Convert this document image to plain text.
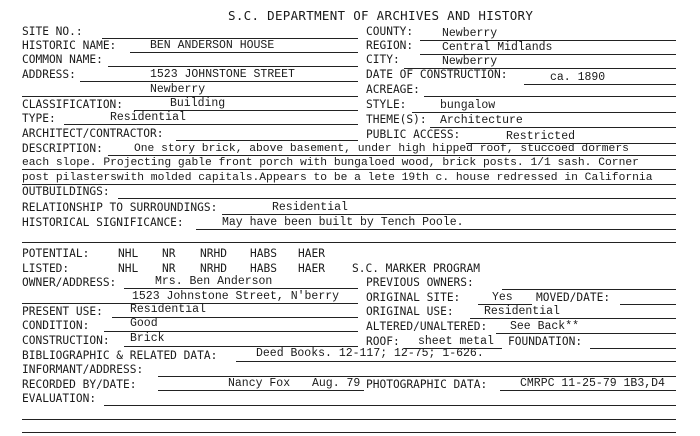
S.C. DEPARTMENT OF ARCHIVES AND HISTORY
SITE NO.:
HISTORIC NAME:	BEN ANDERSON HOUSE
COMMON NAME:
ADDRESS:	1523 JOHNSTONE STREET
Newberry
CLASSIFICATION:	Building
TYPE:	Residential
ARCHITECT/CONTRACTOR:
COUNTY:	Newberry
REGION:	Central Midlands
CITY:	Newberry
DATE OF CONSTRUCTION:	ca. 1890
ACREAGE:
STYLE:	bungalow
THEME(S): Architecture
PUBLIC ACCESS:	Restricted
DESCRIPTION:	One story brick, above basement, under high hipped roof, stuccoed dormers
each slope. Projecting gable front porch with bungaloed wood, brick posts. 1/1 sash. Corner
post pilasterswith molded capitals.Appears to be a lete 19th c. house redressed in California
OUTBUILDINGS:
RELATIONSHIP TO SURROUNDINGS:	Residential
HISTORICAL SIGNIFICANCE:	May have been built by Tench Poole.
POTENTIAL:	NHL NR NRHD HABS HAER
LISTED:	NHL NR NRHD HABS HAER S.C. MARKER PROGRAM
OWNER/ADDRESS:	Mrs. Ben Anderson
1523 Johnstone Street, N'berry
PREVIOUS OWNERS:
ORIGINAL SITE:	Yes MOVED/DATE:
PRESENT USE: Residential	ORIGINAL USE:	Residential
CONDITION:	Good	ALTERED/UNALTERED: See Back**
CONSTRUCTION: Brick	ROOF: sheet metal FOUNDATION:
BIBLIOGRAPHIC & RELATED DATA:	Deed Books. 12-117; 12-75; 1-626.
INFORMANT/ADDRESS:
RECORDED BY/DATE:	Nancy Fox Aug. 79 PHOTOGRAPHIC DATA:	CMRPC 11-25-79 1B3,D4
EVALUATION:
